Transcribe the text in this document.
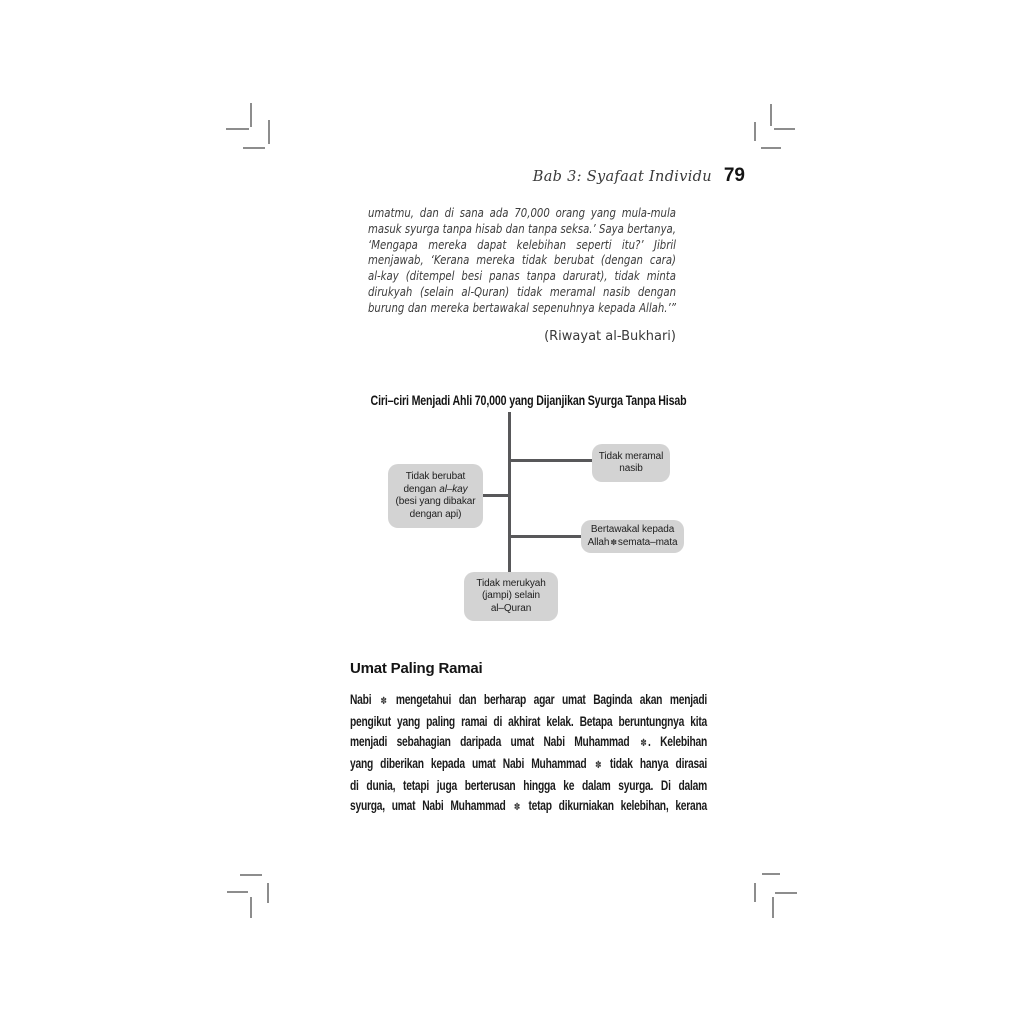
Bab 3: Syafaat Individu 79
umatmu, dan di sana ada 70,000 orang yang mula-mula
masuk syurga tanpa hisab dan tanpa seksa.’ Saya bertanya,
‘Mengapa mereka dapat kelebihan seperti itu?’ Jibril
menjawab, ‘Kerana mereka tidak berubat (dengan cara)
al-kay (ditempel besi panas tanpa darurat), tidak minta
dirukyah (selain al-Quran) tidak meramal nasib dengan
burung dan mereka bertawakal sepenuhnya kepada Allah.’”
(Riwayat al-Bukhari)
Ciri–ciri Menjadi Ahli 70,000 yang Dijanjikan Syurga Tanpa Hisab
Tidak meramal
nasib
Tidak berubat
dengan al–kay
(besi yang dibakar
dengan api)
Bertawakal kepada
Allah✽semata–mata
Tidak merukyah
(jampi) selain
al–Quran
Umat Paling Ramai
Nabi ✽ mengetahui dan berharap agar umat Baginda akan menjadi
pengikut yang paling ramai di akhirat kelak. Betapa beruntungnya kita
menjadi sebahagian daripada umat Nabi Muhammad ✽ . Kelebihan
yang diberikan kepada umat Nabi Muhammad ✽ tidak hanya dirasai
di dunia, tetapi juga berterusan hingga ke dalam syurga. Di dalam
syurga, umat Nabi Muhammad ✽ tetap dikurniakan kelebihan, kerana
